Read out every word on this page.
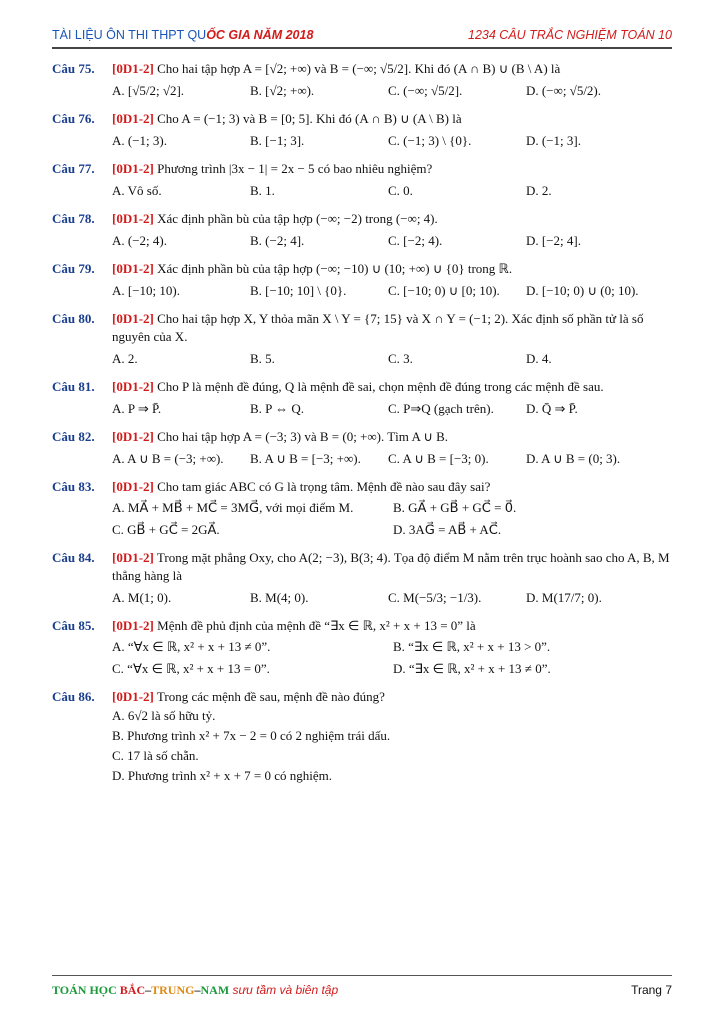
TÀI LIỆU ÔN THI THPT QUỐC GIA NĂM 2018	1234 CÂU TRẮC NGHIỆM TOÁN 10
Câu 75.	[0D1-2] Cho hai tập hợp A = [√2; +∞) và B = (−∞; √5/2]. Khi đó (A ∩ B) ∪ (B \ A) là
A. [√5/2; √2].	B. [√2; +∞).	C. (−∞; √5/2].	D. (−∞; √5/2).
Câu 76.	[0D1-2] Cho A = (−1; 3) và B = [0; 5]. Khi đó (A ∩ B) ∪ (A \ B) là
A. (−1; 3).	B. [−1; 3].	C. (−1; 3) \ {0}.	D. (−1; 3].
Câu 77.	[0D1-2] Phương trình |3x − 1| = 2x − 5 có bao nhiêu nghiệm?
A. Vô số.	B. 1.	C. 0.	D. 2.
Câu 78.	[0D1-2] Xác định phần bù của tập hợp (−∞; −2) trong (−∞; 4).
A. (−2; 4).	B. (−2; 4].	C. [−2; 4).	D. [−2; 4].
Câu 79.	[0D1-2] Xác định phần bù của tập hợp (−∞; −10) ∪ (10; +∞) ∪ {0} trong ℝ.
A. [−10; 10).	B. [−10; 10] \ {0}.	C. [−10; 0) ∪ [0; 10).	D. [−10; 0) ∪ (0; 10).
Câu 80.	[0D1-2] Cho hai tập hợp X, Y thỏa mãn X \ Y = {7; 15} và X ∩ Y = (−1; 2). Xác định số phần tử là số nguyên của X.
A. 2.	B. 5.	C. 3.	D. 4.
Câu 81.	[0D1-2] Cho P là mệnh đề đúng, Q là mệnh đề sai, chọn mệnh đề đúng trong các mệnh đề sau.
A. P ⇒ P̄.	B. P ⇔ Q.	C. P⇒Q (gạch trên).	D. Q̄ ⇒ P̄.
Câu 82.	[0D1-2] Cho hai tập hợp A = (−3; 3) và B = (0; +∞). Tìm A ∪ B.
A. A ∪ B = (−3; +∞).	B. A ∪ B = [−3; +∞).	C. A ∪ B = [−3; 0).	D. A ∪ B = (0; 3).
Câu 83.	[0D1-2] Cho tam giác ABC có G là trọng tâm. Mệnh đề nào sau đây sai?
A. MA⃗ + MB⃗ + MC⃗ = 3MG⃗, với mọi điểm M.	B. GA⃗ + GB⃗ + GC⃗ = 0⃗.
C. GB⃗ + GC⃗ = 2GA⃗.	D. 3AG⃗ = AB⃗ + AC⃗.
Câu 84.	[0D1-2] Trong mặt phẳng Oxy, cho A(2; −3), B(3; 4). Tọa độ điểm M nằm trên trục hoành sao cho A, B, M thẳng hàng là
A. M(1; 0).	B. M(4; 0).	C. M(−5/3; −1/3).	D. M(17/7; 0).
Câu 85.	[0D1-2] Mệnh đề phủ định của mệnh đề “∃x ∈ ℝ, x² + x + 13 = 0” là
A. “∀x ∈ ℝ, x² + x + 13 ≠ 0”.	B. “∃x ∈ ℝ, x² + x + 13 > 0”.
C. “∀x ∈ ℝ, x² + x + 13 = 0”.	D. “∃x ∈ ℝ, x² + x + 13 ≠ 0”.
Câu 86.	[0D1-2] Trong các mệnh đề sau, mệnh đề nào đúng?
A. 6√2 là số hữu tỷ.
B. Phương trình x² + 7x − 2 = 0 có 2 nghiệm trái dấu.
C. 17 là số chẵn.
D. Phương trình x² + x + 7 = 0 có nghiệm.
TOÁN HỌC BẮC–TRUNG–NAM sưu tầm và biên tập	Trang 7
